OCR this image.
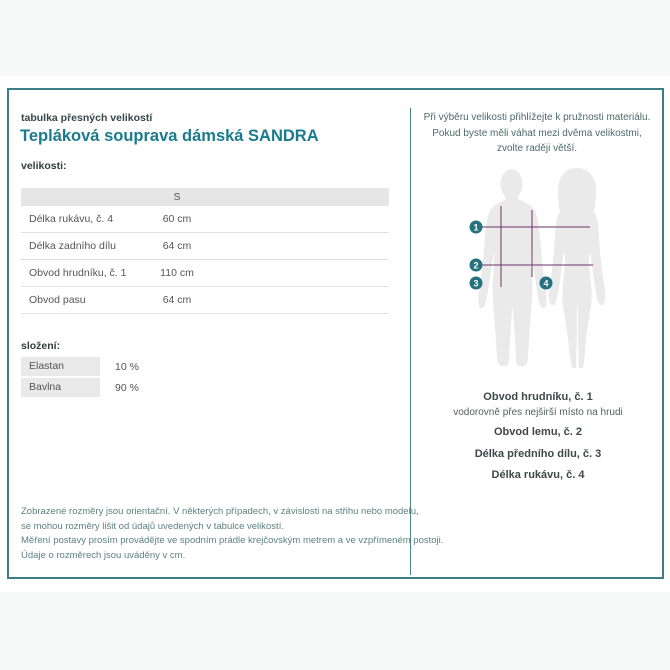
tabulka přesných velikostí
Tepláková souprava dámská SANDRA
velikosti:
S
Délka rukávu, č. 4	60 cm
Délka zadního dílu	64 cm
Obvod hrudníku, č. 1	110 cm
Obvod pasu	64 cm
složení:
Elastan	10 %
Bavlna	90 %
Zobrazené rozměry jsou orientační. V některých případech, v závislosti na střihu nebo modelu,
se mohou rozměry lišit od údajů uvedených v tabulce velikostí.
Měření postavy prosím provádějte ve spodním prádle krejčovským metrem a ve vzpřímeném postoji.
Údaje o rozměrech jsou uváděny v cm.
Při výběru velikosti přihlížejte k pružnosti materiálu.
Pokud byste měli váhat mezi dvěma velikostmi,
zvolte raději větší.
1
2
3	4
Obvod hrudníku, č. 1
vodorovně přes nejširší místo na hrudi
Obvod lemu, č. 2
Délka předního dílu, č. 3
Délka rukávu, č. 4
